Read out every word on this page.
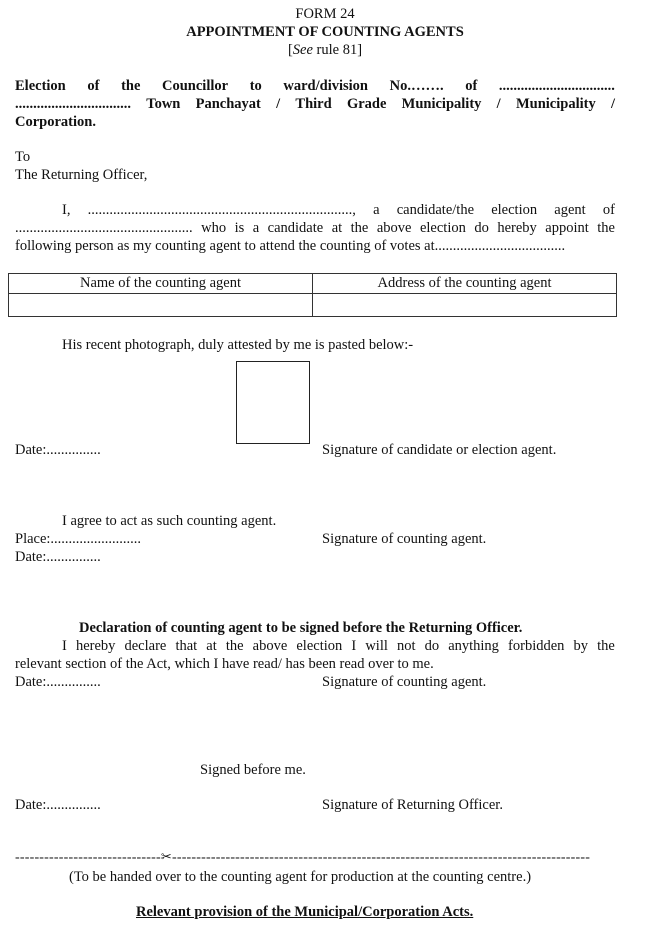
FORM 24
APPOINTMENT OF COUNTING AGENTS
[See rule 81]
Election of the Councillor to ward/division No.……. of ................................
................................ Town Panchayat / Third Grade Municipality / Municipality /
Corporation.
To
The Returning Officer,
I, ........................................................................., a candidate/the election agent of
................................................. who is a candidate at the above election do hereby appoint the
following person as my counting agent to attend the counting of votes at....................................
Name of the counting agent	Address of the counting agent

His recent photograph, duly attested by me is pasted below:-
Date:...............	Signature of candidate or election agent.
I agree to act as such counting agent.
Place:.........................	Signature of counting agent.
Date:...............
Declaration of counting agent to be signed before the Returning Officer.
I hereby declare that at the above election I will not do anything forbidden by the
relevant section of the Act, which I have read/ has been read over to me.
Date:...............	Signature of counting agent.
Signed before me.
Date:...............	Signature of Returning Officer.
------------------------------✂--------------------------------------------------------------------------------------
(To be handed over to the counting agent for production at the counting centre.)
Relevant provision of the Municipal/Corporation Acts.
